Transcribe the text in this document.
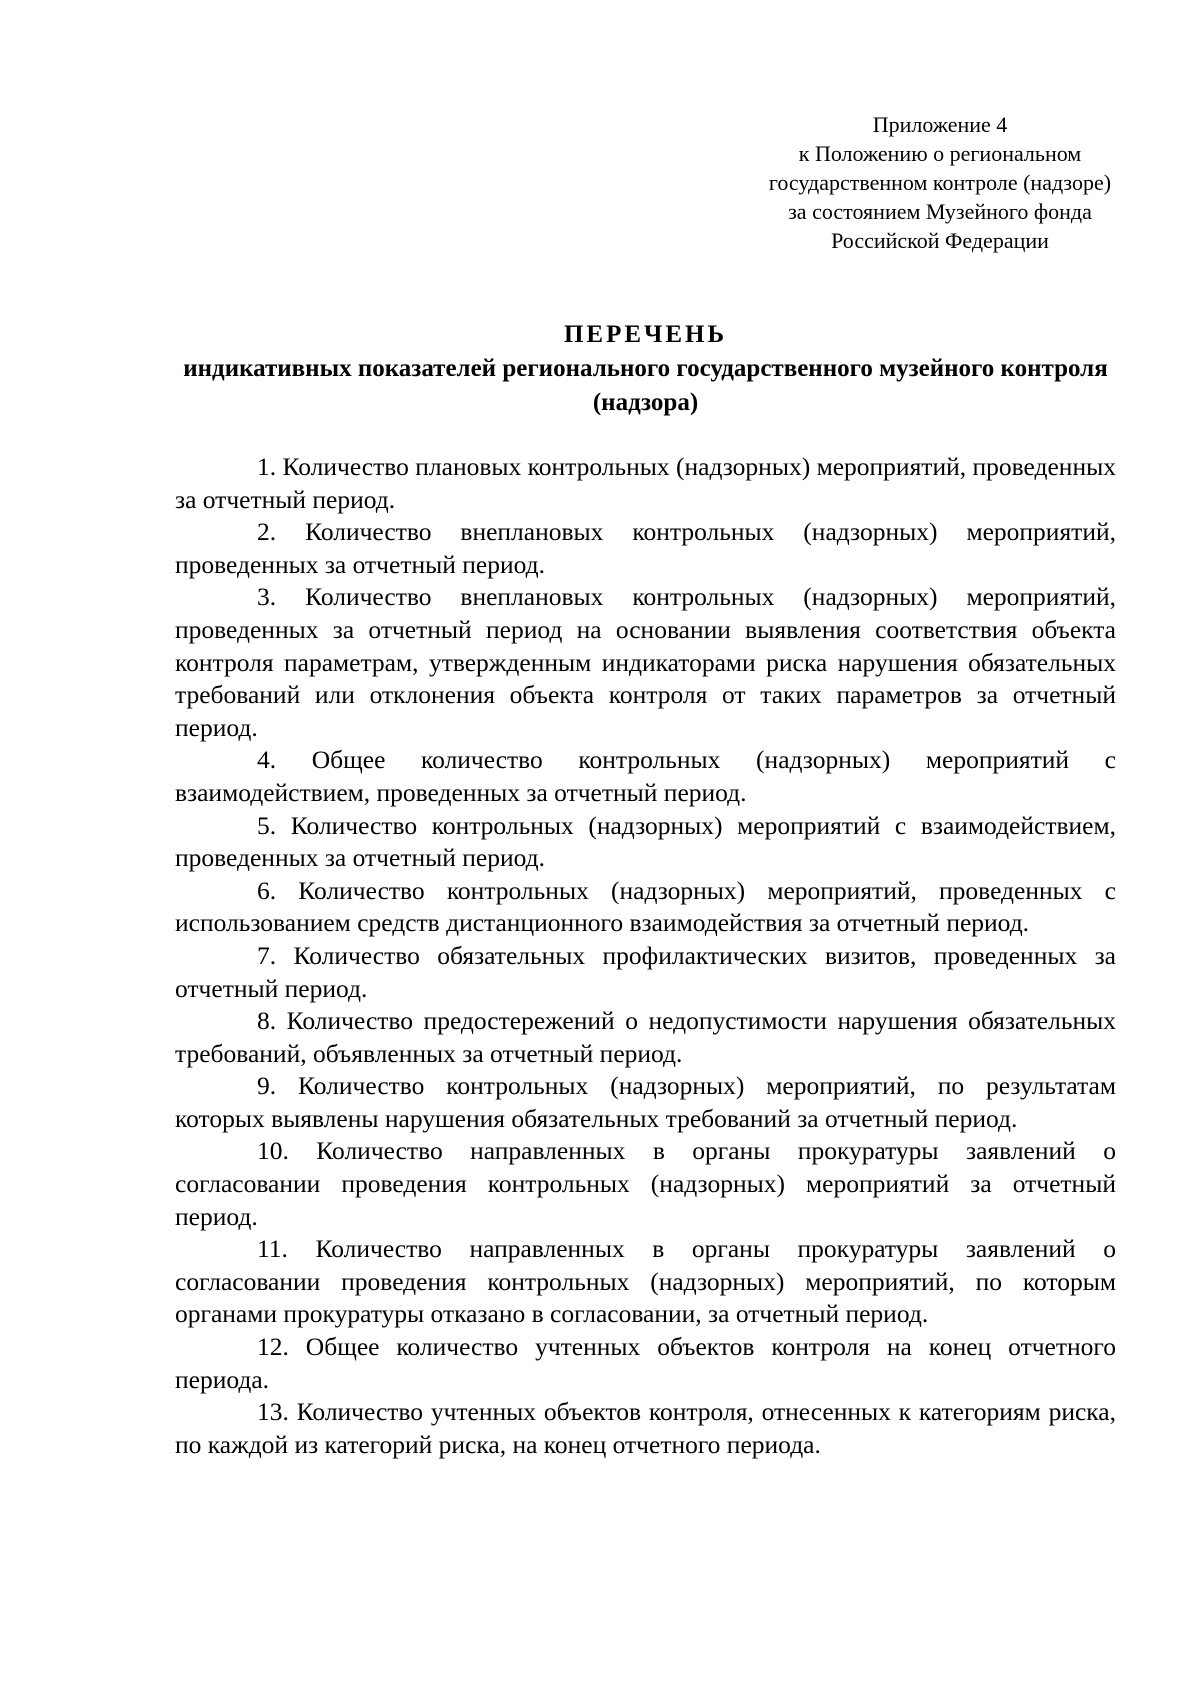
Приложение 4
к Положению о региональном
государственном контроле (надзоре)
за состоянием Музейного фонда
Российской Федерации
ПЕРЕЧЕНЬ
индикативных показателей регионального государственного музейного контроля (надзора)

1. Количество плановых контрольных (надзорных) мероприятий, проведенных за отчетный период.

2. Количество внеплановых контрольных (надзорных) мероприятий, проведенных за отчетный период.

3. Количество внеплановых контрольных (надзорных) мероприятий, проведенных за отчетный период на основании выявления соответствия объекта контроля параметрам, утвержденным индикаторами риска нарушения обязательных требований или отклонения объекта контроля от таких параметров за отчетный период.

4. Общее количество контрольных (надзорных) мероприятий с взаимодействием, проведенных за отчетный период.

5. Количество контрольных (надзорных) мероприятий с взаимодействием, проведенных за отчетный период.

6. Количество контрольных (надзорных) мероприятий, проведенных с использованием средств дистанционного взаимодействия за отчетный период.

7. Количество обязательных профилактических визитов, проведенных за отчетный период.

8. Количество предостережений о недопустимости нарушения обязательных требований, объявленных за отчетный период.

9. Количество контрольных (надзорных) мероприятий, по результатам которых выявлены нарушения обязательных требований за отчетный период.

10. Количество направленных в органы прокуратуры заявлений о согласовании проведения контрольных (надзорных) мероприятий за отчетный период.

11. Количество направленных в органы прокуратуры заявлений о согласовании проведения контрольных (надзорных) мероприятий, по которым органами прокуратуры отказано в согласовании, за отчетный период.

12. Общее количество учтенных объектов контроля на конец отчетного периода.

13. Количество учтенных объектов контроля, отнесенных к категориям риска, по каждой из категорий риска, на конец отчетного периода.
